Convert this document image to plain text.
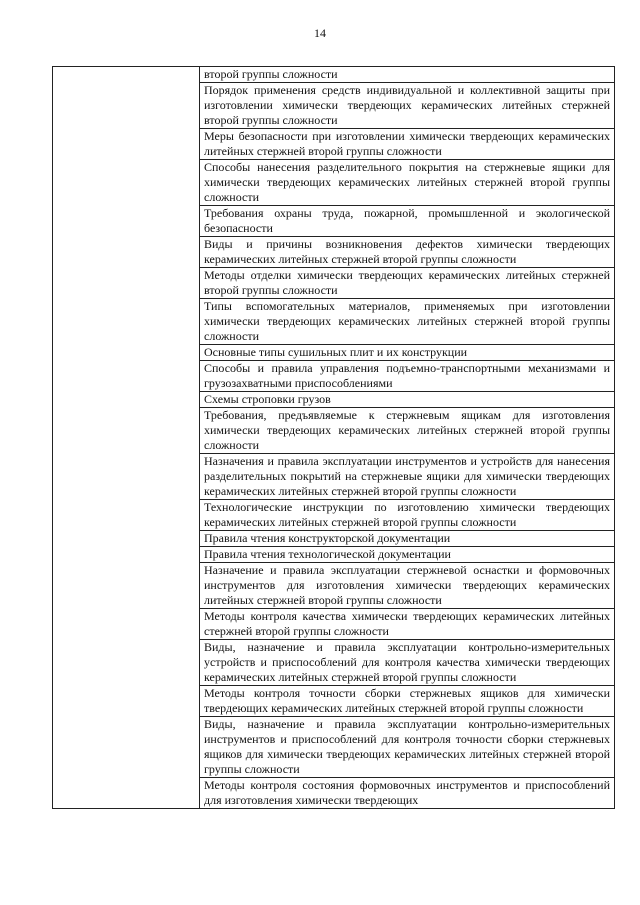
14

второй группы сложности
Порядок применения средств индивидуальной и коллективной защиты при изготовлении химически твердеющих керамических литейных стержней второй группы сложности
Меры безопасности при изготовлении химически твердеющих керамических литейных стержней второй группы сложности
Способы нанесения разделительного покрытия на стержневые ящики для химически твердеющих керамических литейных стержней второй группы сложности
Требования охраны труда, пожарной, промышленной и экологической безопасности
Виды и причины возникновения дефектов химически твердеющих керамических литейных стержней второй группы сложности
Методы отделки химически твердеющих керамических литейных стержней второй группы сложности
Типы вспомогательных материалов, применяемых при изготовлении химически твердеющих керамических литейных стержней второй группы сложности
Основные типы сушильных плит и их конструкции
Способы и правила управления подъемно-транспортными механизмами и грузозахватными приспособлениями
Схемы строповки грузов
Требования, предъявляемые к стержневым ящикам для изготовления химически твердеющих керамических литейных стержней второй группы сложности
Назначения и правила эксплуатации инструментов и устройств для нанесения разделительных покрытий на стержневые ящики для химически твердеющих керамических литейных стержней второй группы сложности
Технологические инструкции по изготовлению химически твердеющих керамических литейных стержней второй группы сложности
Правила чтения конструкторской документации
Правила чтения технологической документации
Назначение и правила эксплуатации стержневой оснастки и формовочных инструментов для изготовления химически твердеющих керамических литейных стержней второй группы сложности
Методы контроля качества химически твердеющих керамических литейных стержней второй группы сложности
Виды, назначение и правила эксплуатации контрольно-измерительных устройств и приспособлений для контроля качества химически твердеющих керамических литейных стержней второй группы сложности
Методы контроля точности сборки стержневых ящиков для химически твердеющих керамических литейных стержней второй группы сложности
Виды, назначение и правила эксплуатации контрольно-измерительных инструментов и приспособлений для контроля точности сборки стержневых ящиков для химически твердеющих керамических литейных стержней второй группы сложности
Методы контроля состояния формовочных инструментов и приспособлений для изготовления химически твердеющих
